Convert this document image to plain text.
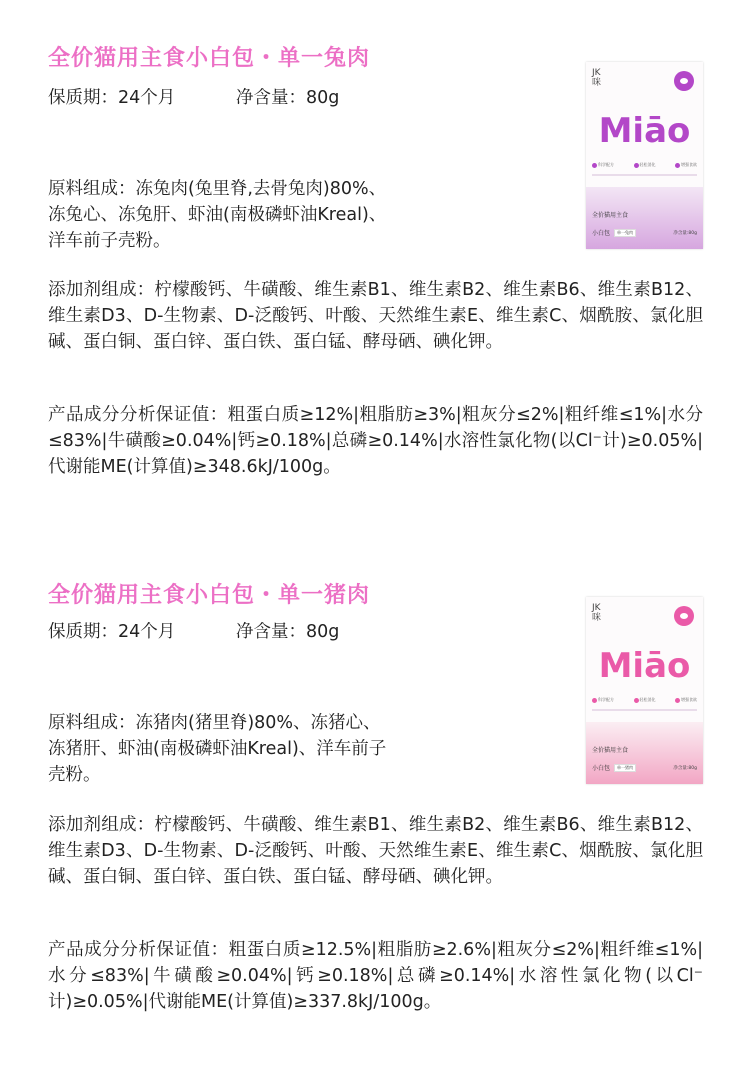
全价猫用主食小白包・单一兔肉
保质期：24个月	净含量：80g
原料组成：冻兔肉(兔里脊,去骨兔肉)80%、冻兔心、冻兔肝、虾油(南极磷虾油Kreal)、洋车前子壳粉。
添加剂组成：柠檬酸钙、牛磺酸、维生素B1、维生素B2、维生素B6、维生素B12、维生素D3、D-生物素、D-泛酸钙、叶酸、天然维生素E、维生素C、烟酰胺、氯化胆碱、蛋白铜、蛋白锌、蛋白铁、蛋白锰、酵母硒、碘化钾。
产品成分分析保证值：粗蛋白质≥12%|粗脂肪≥3%|粗灰分≤2%|粗纤维≤1%|水分≤83%|牛磺酸≥0.04%|钙≥0.18%|总磷≥0.14%|水溶性氯化物(以Cl⁻计)≥0.05%|代谢能ME(计算值)≥348.6kJ/100g。
JK 咪
Miāo
科学配方	轻松消化	增强食欲
全价猫用主食
小白包	单一兔肉	净含量:80g
全价猫用主食小白包・单一猪肉
保质期：24个月	净含量：80g
原料组成：冻猪肉(猪里脊)80%、冻猪心、冻猪肝、虾油(南极磷虾油Kreal)、洋车前子壳粉。
添加剂组成：柠檬酸钙、牛磺酸、维生素B1、维生素B2、维生素B6、维生素B12、维生素D3、D-生物素、D-泛酸钙、叶酸、天然维生素E、维生素C、烟酰胺、氯化胆碱、蛋白铜、蛋白锌、蛋白铁、蛋白锰、酵母硒、碘化钾。
产品成分分析保证值：粗蛋白质≥12.5%|粗脂肪≥2.6%|粗灰分≤2%|粗纤维≤1%|水分≤83%|牛磺酸≥0.04%|钙≥0.18%|总磷≥0.14%|水溶性氯化物(以Cl⁻计)≥0.05%|代谢能ME(计算值)≥337.8kJ/100g。
JK 咪
Miāo
科学配方	轻松消化	增强食欲
全价猫用主食
小白包	单一猪肉	净含量:80g
